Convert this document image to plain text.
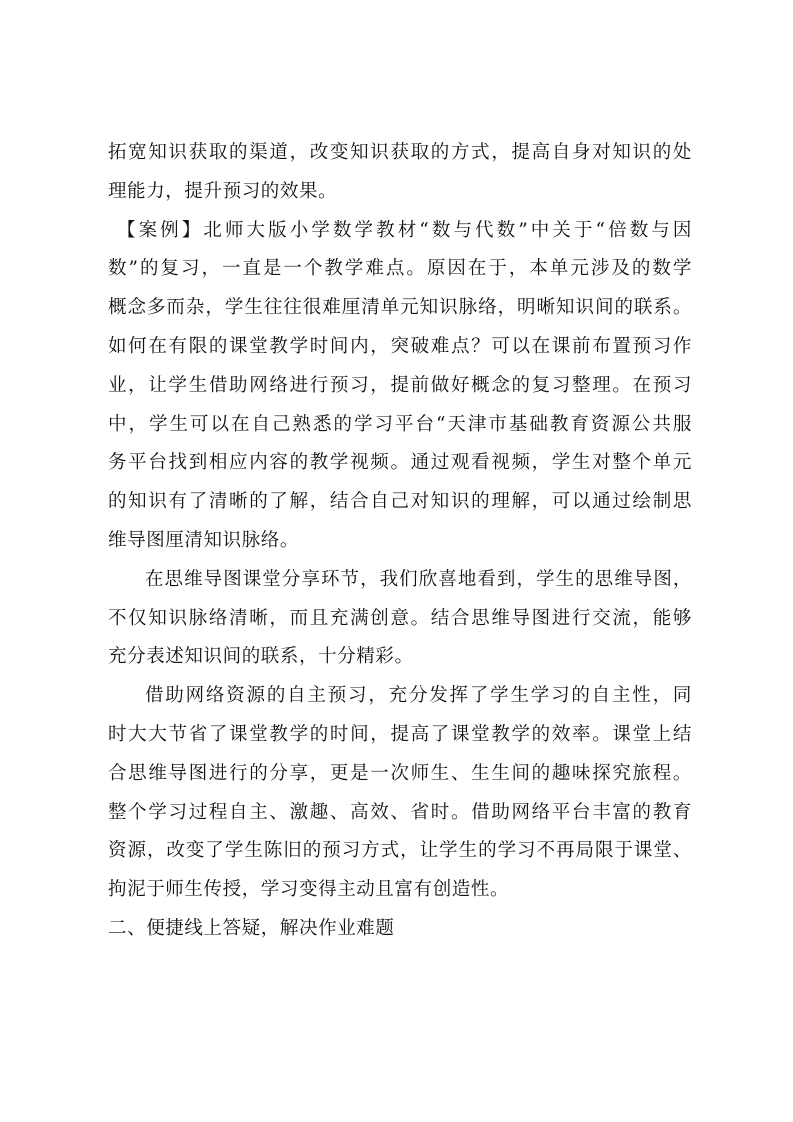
拓宽知识获取的渠道，改变知识获取的方式，提高自身对知识的处
理能力，提升预习的效果。
【案例】北师大版小学数学教材“数与代数”中关于“倍数与因
数”的复习，一直是一个教学难点。原因在于，本单元涉及的数学
概念多而杂，学生往往很难厘清单元知识脉络，明晰知识间的联系。
如何在有限的课堂教学时间内，突破难点？可以在课前布置预习作
业，让学生借助网络进行预习，提前做好概念的复习整理。在预习
中，学生可以在自己熟悉的学习平台“天津市基础教育资源公共服
务平台找到相应内容的教学视频。通过观看视频，学生对整个单元
的知识有了清晰的了解，结合自己对知识的理解，可以通过绘制思
维导图厘清知识脉络。
在思维导图课堂分享环节，我们欣喜地看到，学生的思维导图，
不仅知识脉络清晰，而且充满创意。结合思维导图进行交流，能够
充分表述知识间的联系，十分精彩。
借助网络资源的自主预习，充分发挥了学生学习的自主性，同
时大大节省了课堂教学的时间，提高了课堂教学的效率。课堂上结
合思维导图进行的分享，更是一次师生、生生间的趣味探究旅程。
整个学习过程自主、激趣、高效、省时。借助网络平台丰富的教育
资源，改变了学生陈旧的预习方式，让学生的学习不再局限于课堂、
拘泥于师生传授，学习变得主动且富有创造性。
二、便捷线上答疑，解决作业难题
